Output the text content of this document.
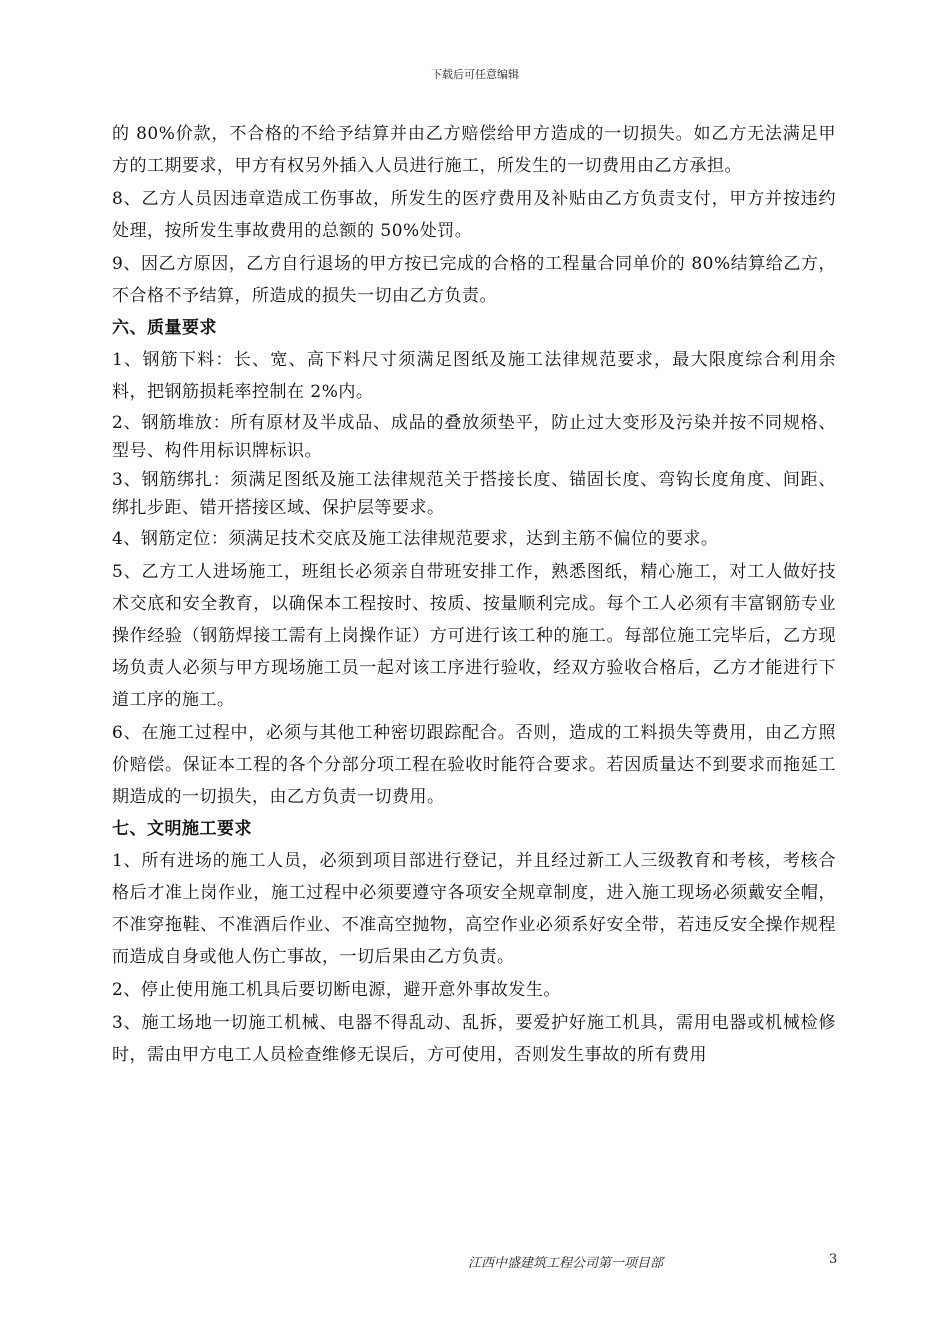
下载后可任意编辑

的 80%价款，不合格的不给予结算并由乙方赔偿给甲方造成的一切损失。如乙方无法满足甲方的工期要求，甲方有权另外插入人员进行施工，所发生的一切费用由乙方承担。

8、乙方人员因违章造成工伤事故，所发生的医疗费用及补贴由乙方负责支付，甲方并按违约处理，按所发生事故费用的总额的 50%处罚。

9、因乙方原因，乙方自行退场的甲方按已完成的合格的工程量合同单价的 80%结算给乙方，不合格不予结算，所造成的损失一切由乙方负责。

六、质量要求

1、钢筋下料：长、宽、高下料尺寸须满足图纸及施工法律规范要求，最大限度综合利用余料，把钢筋损耗率控制在 2%内。

2、钢筋堆放：所有原材及半成品、成品的叠放须垫平，防止过大变形及污染并按不同规格、型号、构件用标识牌标识。

3、钢筋绑扎：须满足图纸及施工法律规范关于搭接长度、锚固长度、弯钩长度角度、间距、绑扎步距、错开搭接区域、保护层等要求。

4、钢筋定位：须满足技术交底及施工法律规范要求，达到主筋不偏位的要求。

5、乙方工人进场施工，班组长必须亲自带班安排工作，熟悉图纸，精心施工，对工人做好技术交底和安全教育，以确保本工程按时、按质、按量顺利完成。每个工人必须有丰富钢筋专业操作经验（钢筋焊接工需有上岗操作证）方可进行该工种的施工。每部位施工完毕后，乙方现场负责人必须与甲方现场施工员一起对该工序进行验收，经双方验收合格后，乙方才能进行下道工序的施工。

6、在施工过程中，必须与其他工种密切跟踪配合。否则，造成的工料损失等费用，由乙方照价赔偿。保证本工程的各个分部分项工程在验收时能符合要求。若因质量达不到要求而拖延工期造成的一切损失，由乙方负责一切费用。

七、文明施工要求

1、所有进场的施工人员，必须到项目部进行登记，并且经过新工人三级教育和考核，考核合格后才准上岗作业，施工过程中必须要遵守各项安全规章制度，进入施工现场必须戴安全帽，不准穿拖鞋、不准酒后作业、不准高空抛物，高空作业必须系好安全带，若违反安全操作规程而造成自身或他人伤亡事故，一切后果由乙方负责。

2、停止使用施工机具后要切断电源，避开意外事故发生。

3、施工场地一切施工机械、电器不得乱动、乱拆，要爱护好施工机具，需用电器或机械检修时，需由甲方电工人员检查维修无误后，方可使用，否则发生事故的所有费用

江西中盛建筑工程公司第一项目部	3
